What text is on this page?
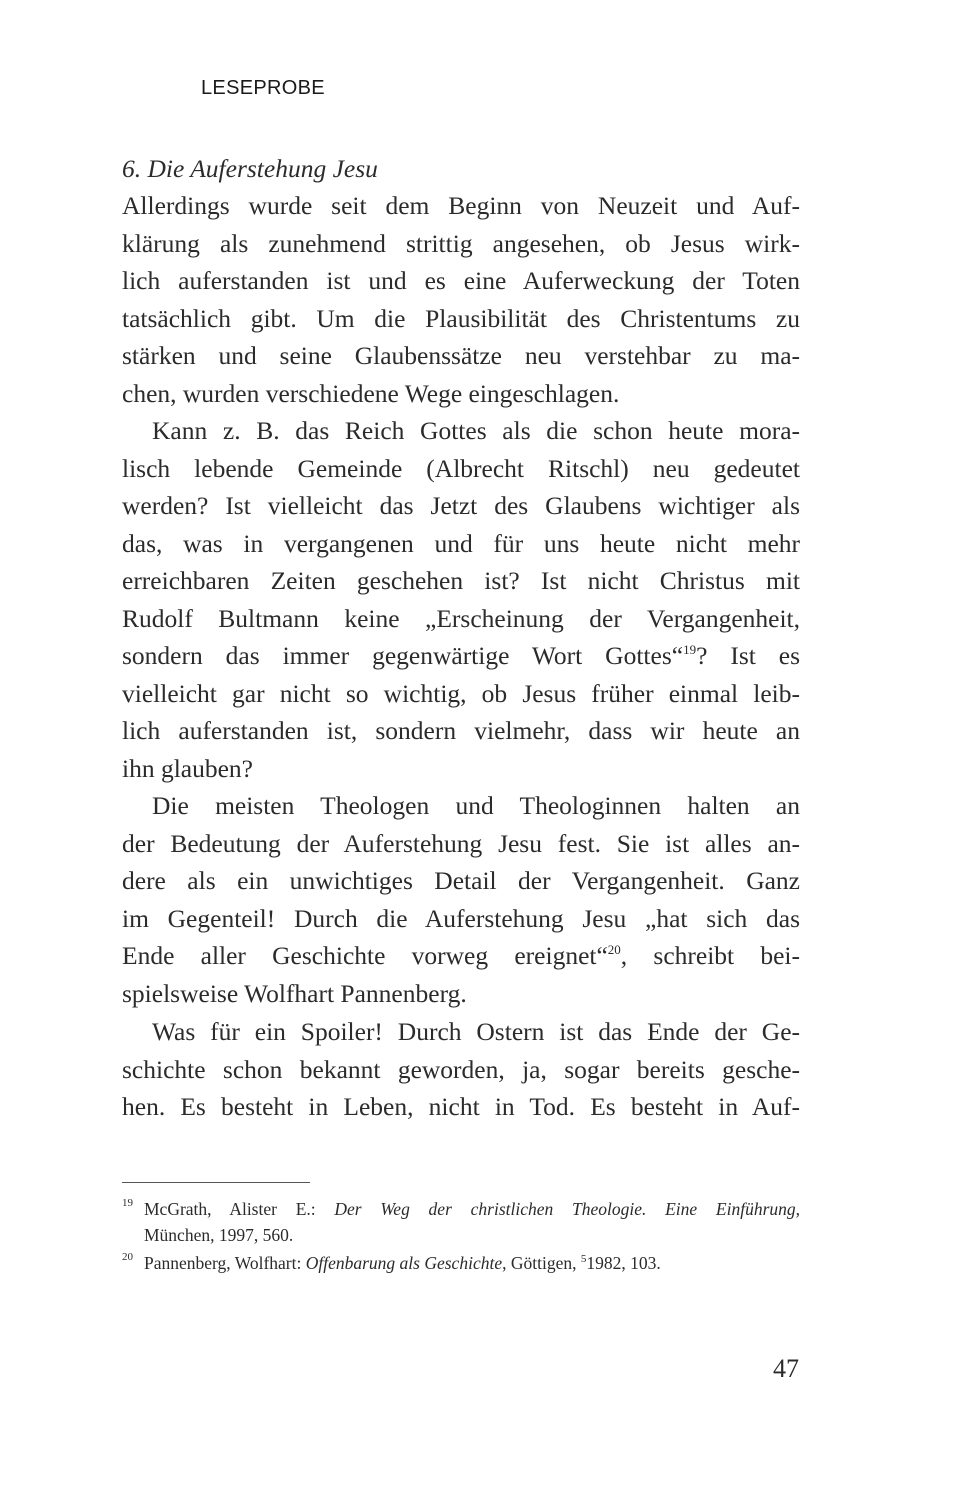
LESEPROBE
6. Die Auferstehung Jesu
Allerdings wurde seit dem Beginn von Neuzeit und Auf-
klärung als zunehmend strittig angesehen, ob Jesus wirk-
lich auferstanden ist und es eine Auferweckung der Toten
tatsächlich gibt. Um die Plausibilität des Christentums zu
stärken und seine Glaubenssätze neu verstehbar zu ma-
chen, wurden verschiedene Wege eingeschlagen.
Kann z. B. das Reich Gottes als die schon heute mora-
lisch lebende Gemeinde (Albrecht Ritschl) neu gedeutet
werden? Ist vielleicht das Jetzt des Glaubens wichtiger als
das, was in vergangenen und für uns heute nicht mehr
erreichbaren Zeiten geschehen ist? Ist nicht Christus mit
Rudolf Bultmann keine „Erscheinung der Vergangenheit,
sondern das immer gegenwärtige Wort Gottes“$^{19}$? Ist es
vielleicht gar nicht so wichtig, ob Jesus früher einmal leib-
lich auferstanden ist, sondern vielmehr, dass wir heute an
ihn glauben?
Die meisten Theologen und Theologinnen halten an
der Bedeutung der Auferstehung Jesu fest. Sie ist alles an-
dere als ein unwichtiges Detail der Vergangenheit. Ganz
im Gegenteil! Durch die Auferstehung Jesu „hat sich das
Ende aller Geschichte vorweg ereignet“$^{20}$, schreibt bei-
spielsweise Wolfhart Pannenberg.
Was für ein Spoiler! Durch Ostern ist das Ende der Ge-
schichte schon bekannt geworden, ja, sogar bereits gesche-
hen. Es besteht in Leben, nicht in Tod. Es besteht in Auf-
19 McGrath, Alister E.: Der Weg der christlichen Theologie. Eine Einführung,
München, 1997, 560.
20 Pannenberg, Wolfhart: Offenbarung als Geschichte, Göttigen, $^5$1982, 103.
47
